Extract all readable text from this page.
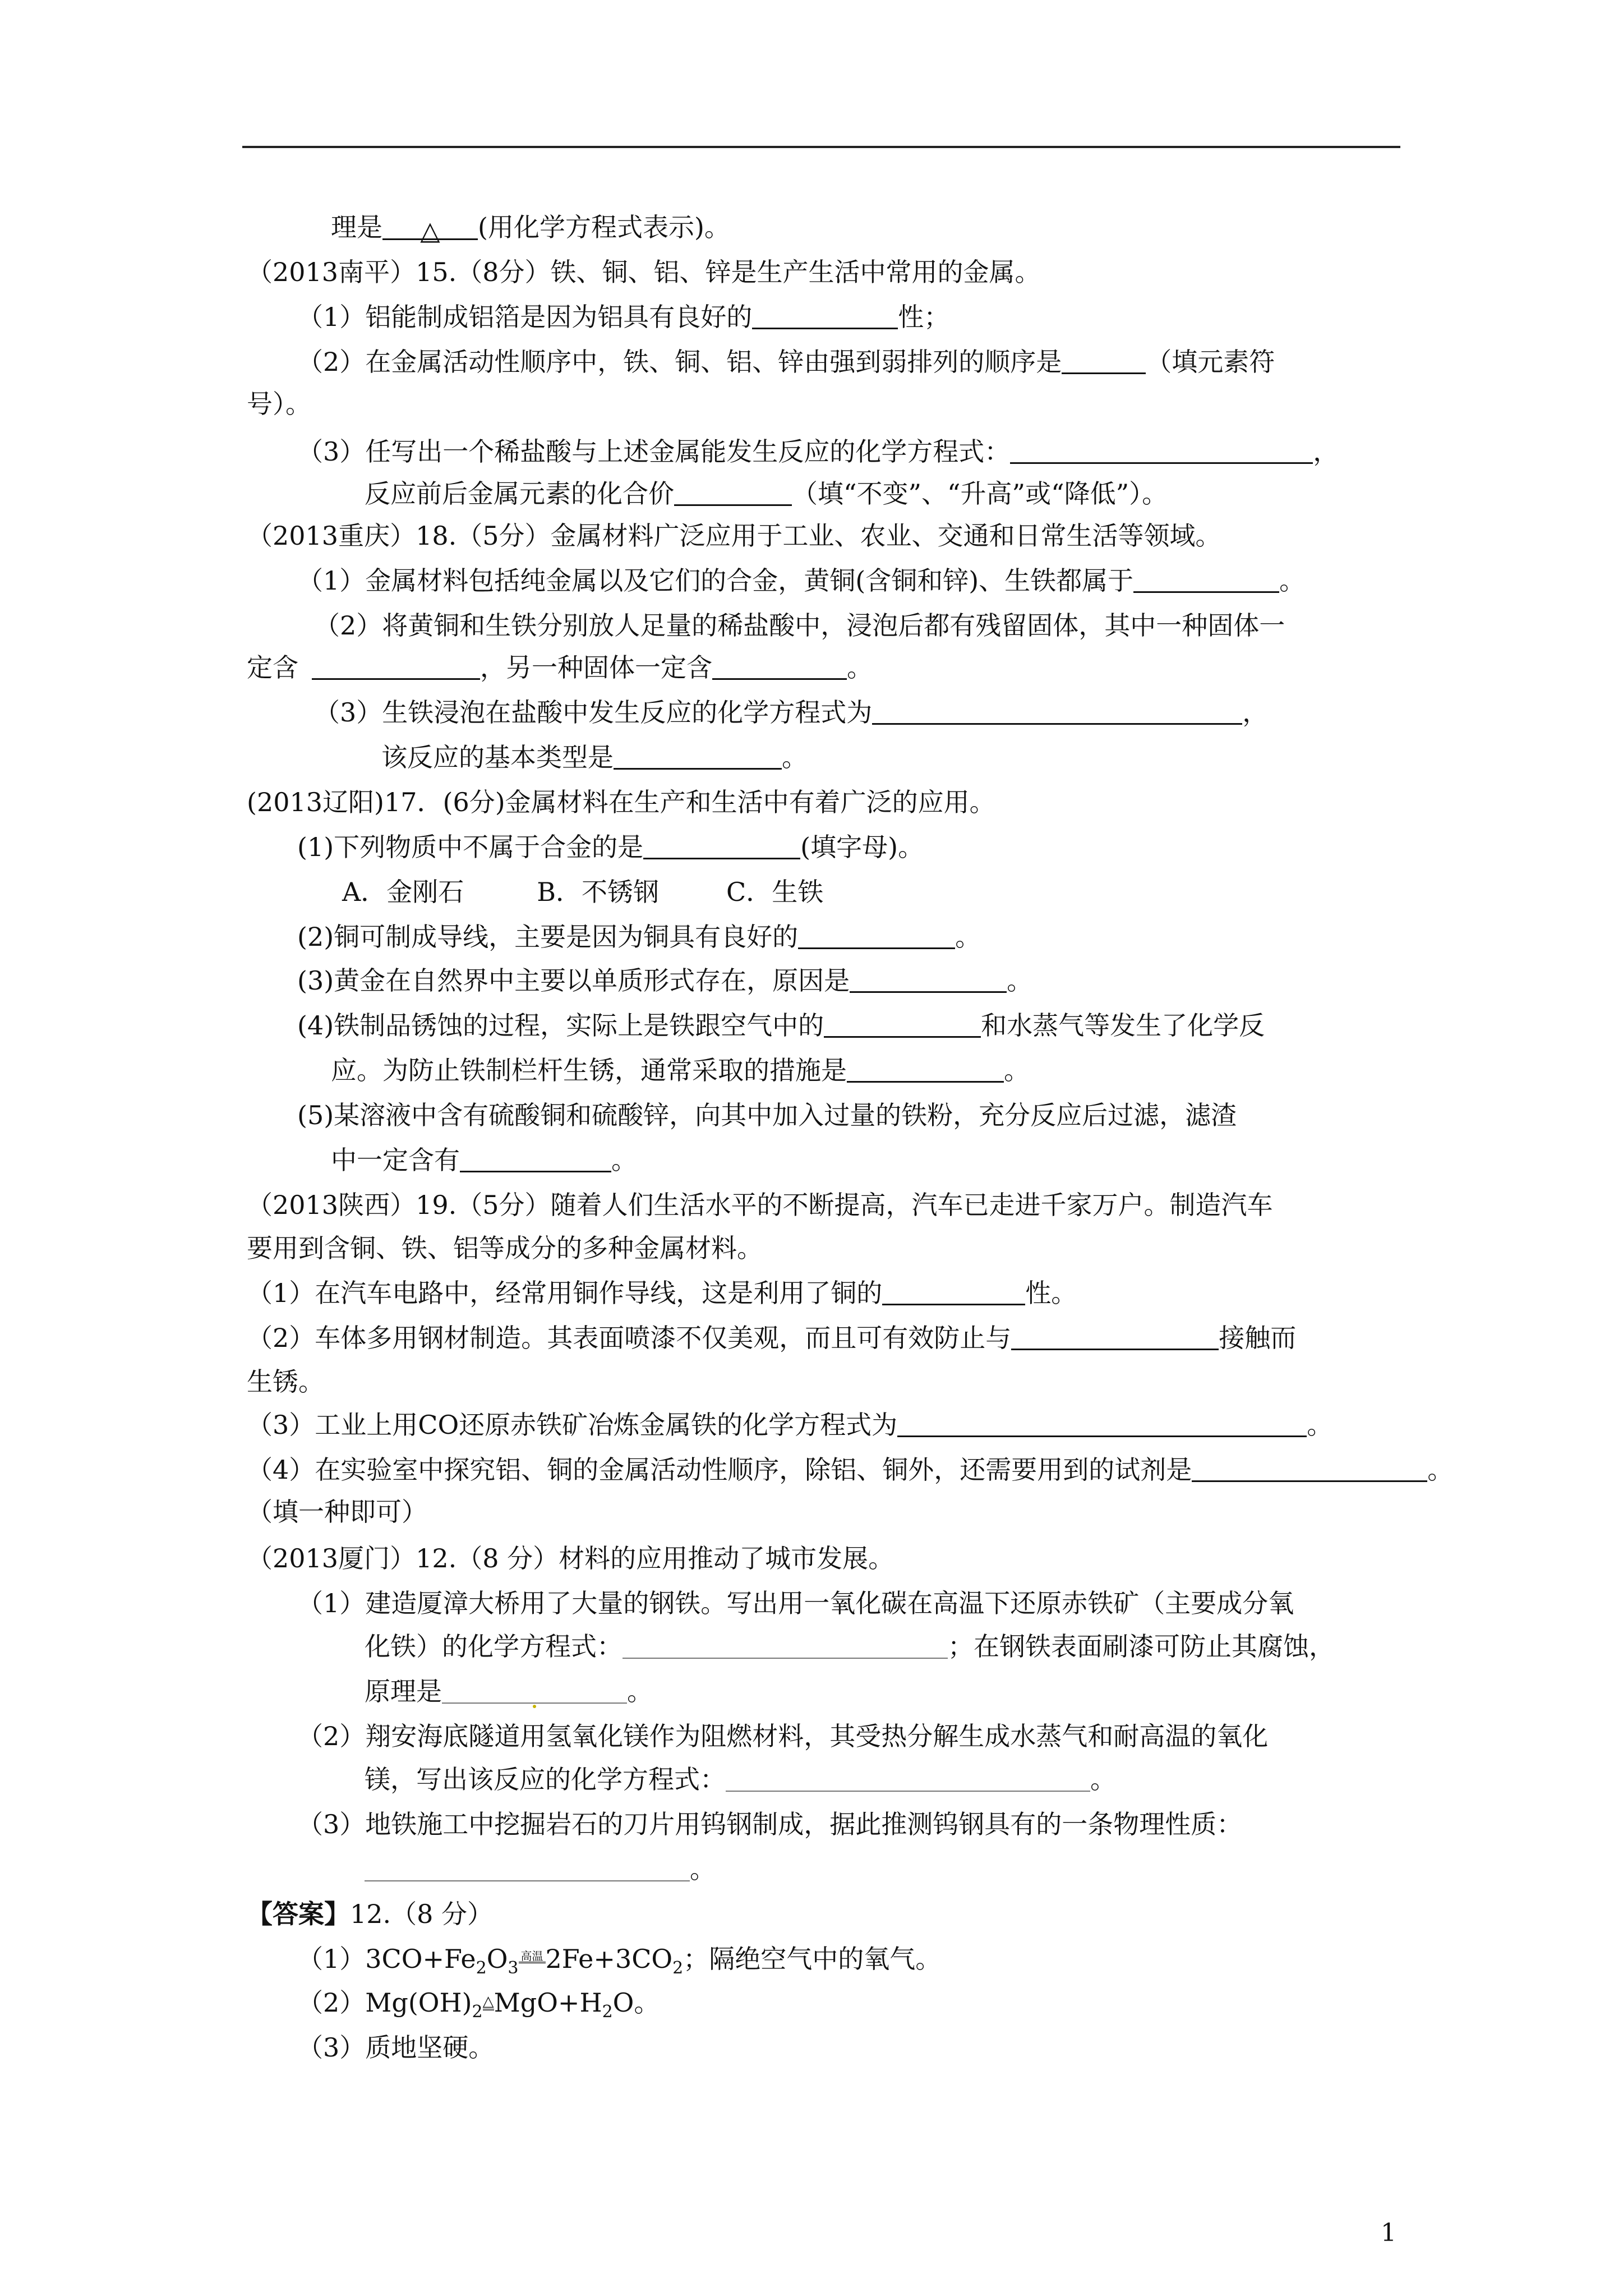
理是 △ (用化学方程式表示)。
（2013南平）15.（8分）铁、铜、铝、锌是生产生活中常用的金属。
（1）铝能制成铝箔是因为铝具有良好的	性；
（2）在金属活动性顺序中，铁、铜、铝、锌由强到弱排列的顺序是	（填元素符
号）。
（3）任写出一个稀盐酸与上述金属能发生反应的化学方程式：	，
反应前后金属元素的化合价	（填“不变”、“升高”或“降低”）。
（2013重庆）18.（5分）金属材料广泛应用于工业、农业、交通和日常生活等领域。
（1）金属材料包括纯金属以及它们的合金，黄铜(含铜和锌)、生铁都属于	。
（2）将黄铜和生铁分别放人足量的稀盐酸中，浸泡后都有残留固体，其中一种固体一
定含	，另一种固体一定含	。
（3）生铁浸泡在盐酸中发生反应的化学方程式为	，
该反应的基本类型是	。
(2013辽阳)17．(6分)金属材料在生产和生活中有着广泛的应用。
(1)下列物质中不属于合金的是	(填字母)。
A．金刚石	B．不锈钢	C．生铁
(2)铜可制成导线，主要是因为铜具有良好的	。
(3)黄金在自然界中主要以单质形式存在，原因是	。
(4)铁制品锈蚀的过程，实际上是铁跟空气中的	和水蒸气等发生了化学反
应。为防止铁制栏杆生锈，通常采取的措施是	。
(5)某溶液中含有硫酸铜和硫酸锌，向其中加入过量的铁粉，充分反应后过滤，滤渣
中一定含有	。
（2013陕西）19.（5分）随着人们生活水平的不断提高，汽车已走进千家万户。制造汽车
要用到含铜、铁、铝等成分的多种金属材料。
（1）在汽车电路中，经常用铜作导线，这是利用了铜的	性。
（2）车体多用钢材制造。其表面喷漆不仅美观，而且可有效防止与	接触而
生锈。
（3）工业上用CO还原赤铁矿冶炼金属铁的化学方程式为	。
（4）在实验室中探究铝、铜的金属活动性顺序，除铝、铜外，还需要用到的试剂是	。
（填一种即可）
（2013厦门）12.（8 分）材料的应用推动了城市发展。
（1）建造厦漳大桥用了大量的钢铁。写出用一氧化碳在高温下还原赤铁矿（主要成分氧
化铁）的化学方程式：	；在钢铁表面刷漆可防止其腐蚀，
原理是	。
（2）翔安海底隧道用氢氧化镁作为阻燃材料，其受热分解生成水蒸气和耐高温的氧化
镁，写出该反应的化学方程式：	。
（3）地铁施工中挖掘岩石的刀片用钨钢制成，据此推测钨钢具有的一条物理性质：
。
【答案】12.（8 分）
$(1)3CO+Fe_2O_3$高温$2Fe+3CO_2$；隔绝空气中的氧气。
$(2)Mg(OH)_2\triangle MgO+H_2O$。
（3）质地坚硬。
1
